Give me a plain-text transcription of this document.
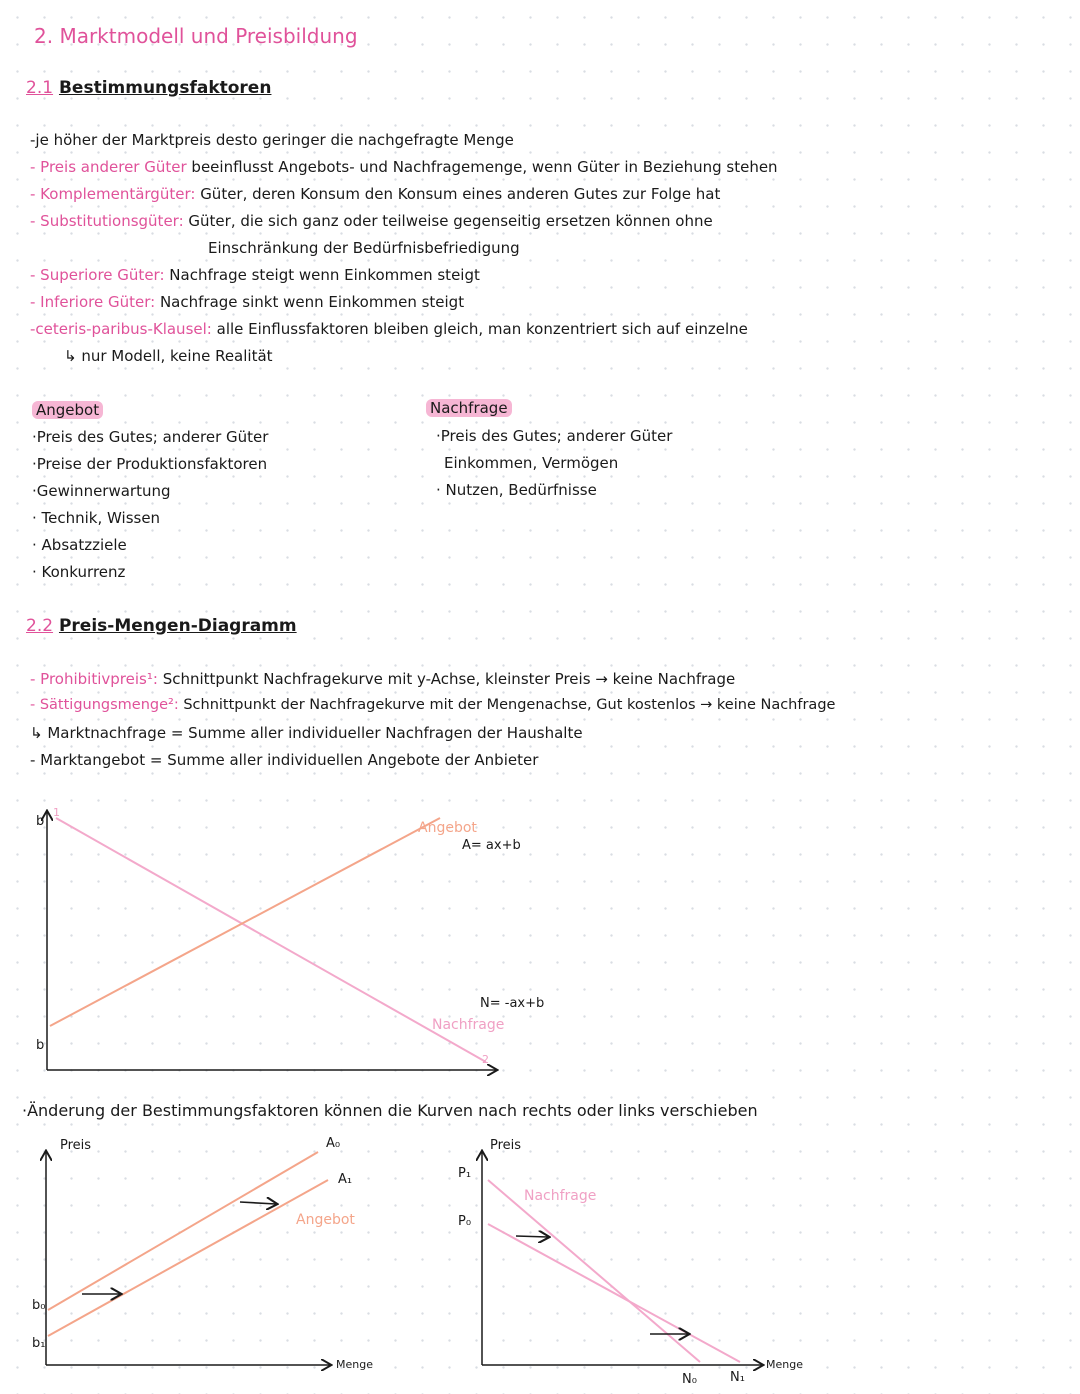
2. Marktmodell und Preisbildung
2.1 Bestimmungsfaktoren
-je höher der Marktpreis desto geringer die nachgefragte Menge
- Preis anderer Güter beeinflusst Angebots- und Nachfragemenge, wenn Güter in Beziehung stehen
- Komplementärgüter: Güter, deren Konsum den Konsum eines anderen Gutes zur Folge hat
- Substitutionsgüter: Güter, die sich ganz oder teilweise gegenseitig ersetzen können ohne
Einschränkung der Bedürfnisbefriedigung
- Superiore Güter: Nachfrage steigt wenn Einkommen steigt
- Inferiore Güter: Nachfrage sinkt wenn Einkommen steigt
-ceteris-paribus-Klausel: alle Einflussfaktoren bleiben gleich, man konzentriert sich auf einzelne
↳ nur Modell, keine Realität
Angebot
·Preis des Gutes; anderer Güter
·Preise der Produktionsfaktoren
·Gewinnerwartung
· Technik, Wissen
· Absatzziele
· Konkurrenz
Nachfrage
·Preis des Gutes; anderer Güter
Einkommen, Vermögen
· Nutzen, Bedürfnisse
2.2 Preis-Mengen-Diagramm
- Prohibitivpreis¹: Schnittpunkt Nachfragekurve mit y-Achse, kleinster Preis → keine Nachfrage
- Sättigungsmenge²: Schnittpunkt der Nachfragekurve mit der Mengenachse, Gut kostenlos → keine Nachfrage
↳ Marktnachfrage = Summe aller individueller Nachfragen der Haushalte
- Marktangebot = Summe aller individuellen Angebote der Anbieter
b
1
b
2
Angebot
A= ax+b
N= -ax+b
Nachfrage
·Änderung der Bestimmungsfaktoren können die Kurven nach rechts oder links verschieben
Preis	A₀
A₁
Angebot
b₀
b₁
Menge
Preis
P₁
P₀
Nachfrage
N₀	N₁
Menge
